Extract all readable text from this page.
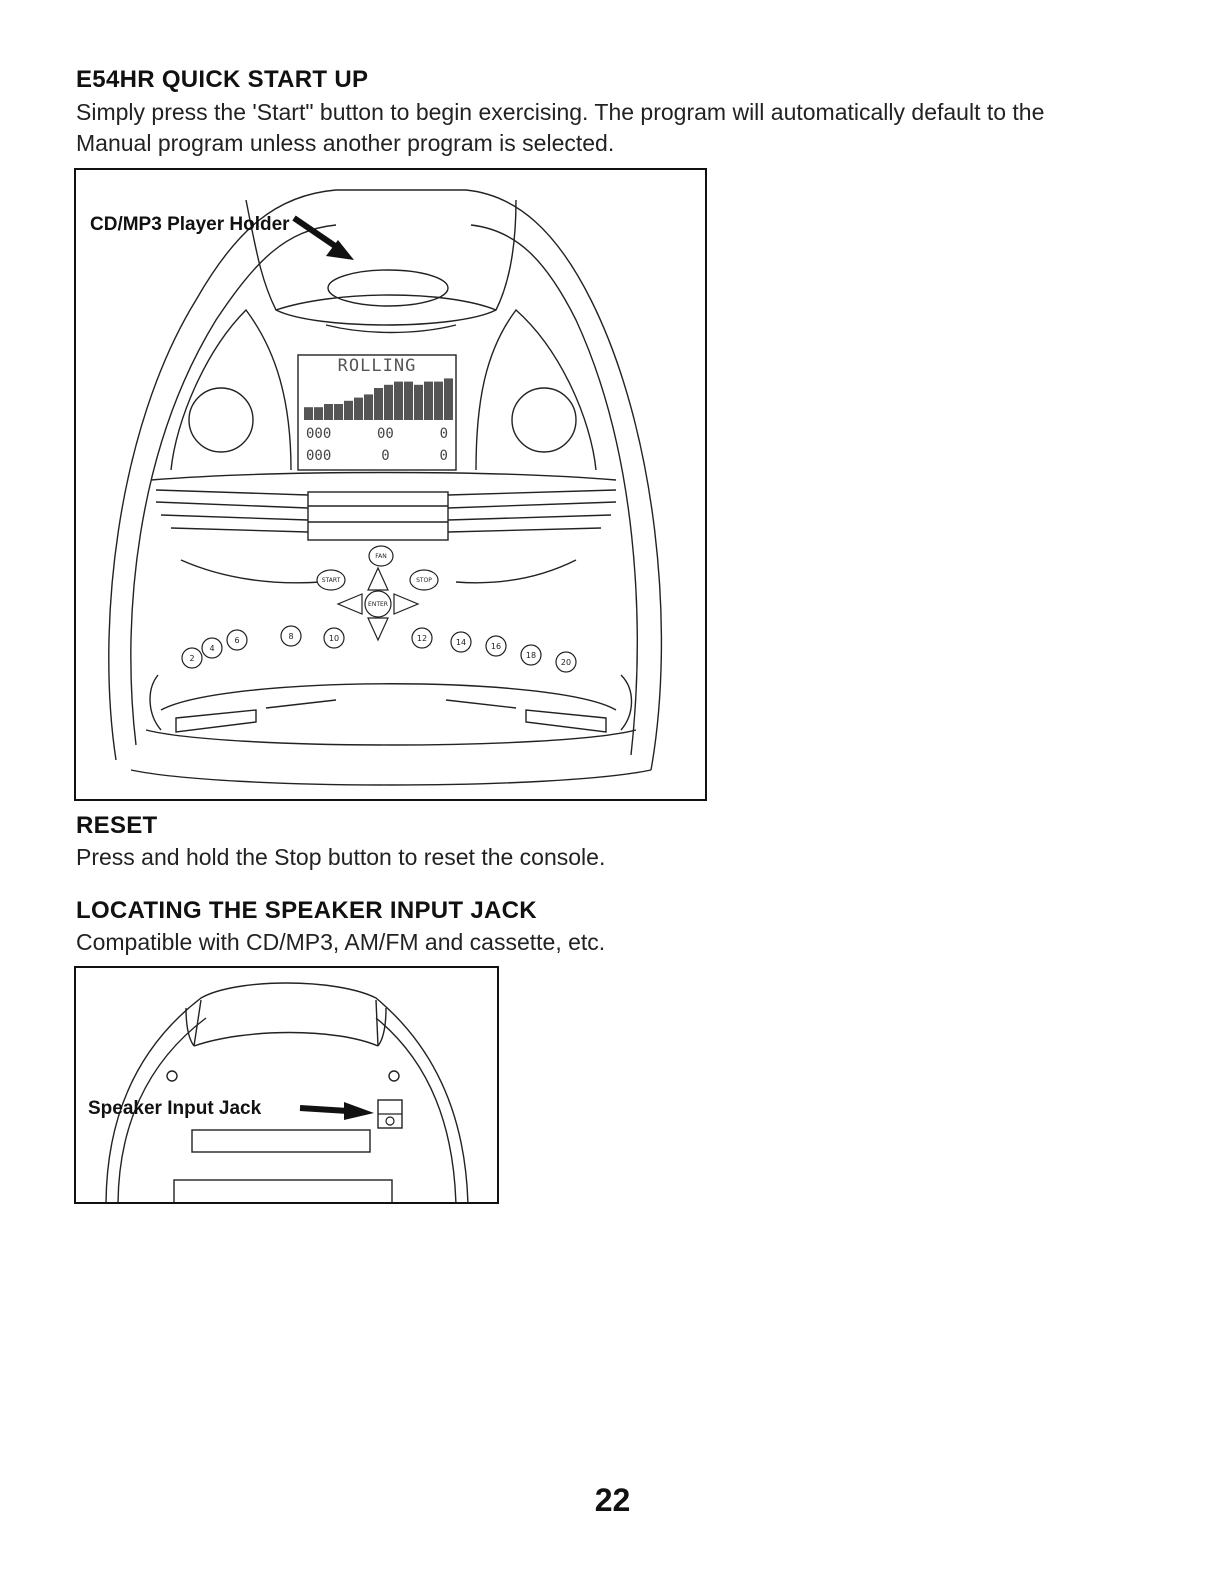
E54HR QUICK START UP

Simply press the 'Start" button to begin exercising. The program will automatically default to the

Manual program unless another program is selected.

FAN
START	STOP
ENTER
2
4
6	8	10	12	14	16
18
20
CD/MP3 Player Holder
ROLLING
000	00	0
000	0	0
RESET

Press and hold the Stop button to reset the console.

LOCATING THE SPEAKER INPUT JACK

Compatible with CD/MP3, AM/FM and cassette, etc.

Speaker Input Jack
22
